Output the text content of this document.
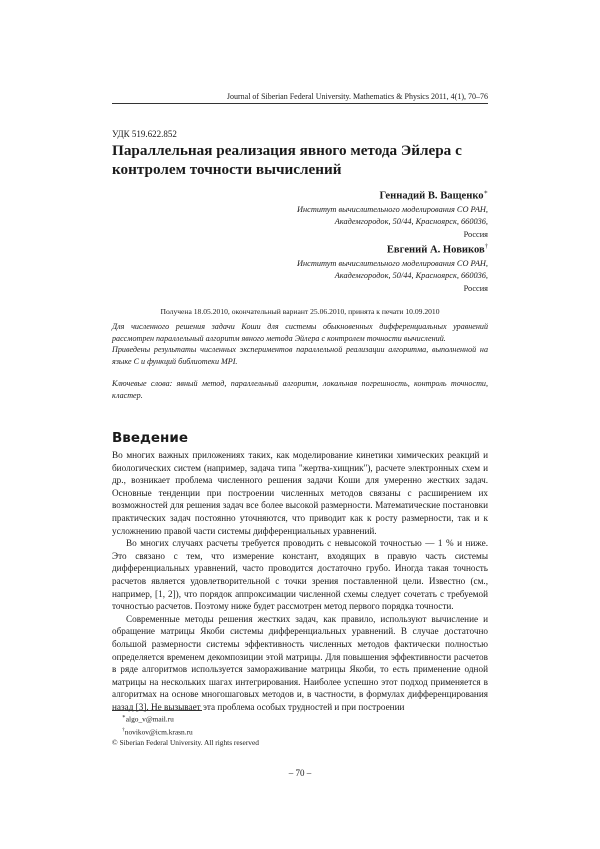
Journal of Siberian Federal University. Mathematics & Physics 2011, 4(1), 70–76
УДК 519.622.852
Параллельная реализация явного метода Эйлера с контролем точности вычислений
Геннадий В. Ващенко∗
Институт вычислительного моделирования СО РАН,
Академгородок, 50/44, Красноярск, 660036,
Россия
Евгений А. Новиков†
Институт вычислительного моделирования СО РАН,
Академгородок, 50/44, Красноярск, 660036,
Россия
Получена 18.05.2010, окончательный вариант 25.06.2010, принята к печати 10.09.2010

Для численного решения задачи Коши для системы обыкновенных дифференциальных уравнений рассмотрен параллельный алгоритм явного метода Эйлера с контролем точности вычислений.

Приведены результаты численных экспериментов параллельной реализации алгоритма, выполненной на языке C и функций библиотеки MPI.

Ключевые слова: явный метод, параллельный алгоритм, локальная погрешность, контроль точности, кластер.

Введение

Во многих важных приложениях таких, как моделирование кинетики химических реакций и биологических систем (например, задача типа "жертва-хищник"), расчете электронных схем и др., возникает проблема численного решения задачи Коши для умеренно жестких задач. Основные тенденции при построении численных методов связаны с расширением их возможностей для решения задач все более высокой размерности. Математические постановки практических задач постоянно уточняются, что приводит как к росту размерности, так и к усложнению правой части системы дифференциальных уравнений.

Во многих случаях расчеты требуется проводить с невысокой точностью — 1 % и ниже. Это связано с тем, что измерение констант, входящих в правую часть системы дифференциальных уравнений, часто проводится достаточно грубо. Иногда такая точность расчетов является удовлетворительной с точки зрения поставленной цели. Известно (см., например, [1, 2]), что порядок аппроксимации численной схемы следует сочетать с требуемой точностью расчетов. Поэтому ниже будет рассмотрен метод первого порядка точности.

Современные методы решения жестких задач, как правило, используют вычисление и обращение матрицы Якоби системы дифференциальных уравнений. В случае достаточно большой размерности системы эффективность численных методов фактически полностью определяется временем декомпозиции этой матрицы. Для повышения эффективности расчетов в ряде алгоритмов используется замораживание матрицы Якоби, то есть применение одной матрицы на нескольких шагах интегрирования. Наиболее успешно этот подход применяется в алгоритмах на основе многошаговых методов и, в частности, в формулах дифференцирования назад [3]. Не вызывает эта проблема особых трудностей и при построении

∗algo_v@mail.ru
†novikov@icm.krasn.ru
© Siberian Federal University. All rights reserved
– 70 –
